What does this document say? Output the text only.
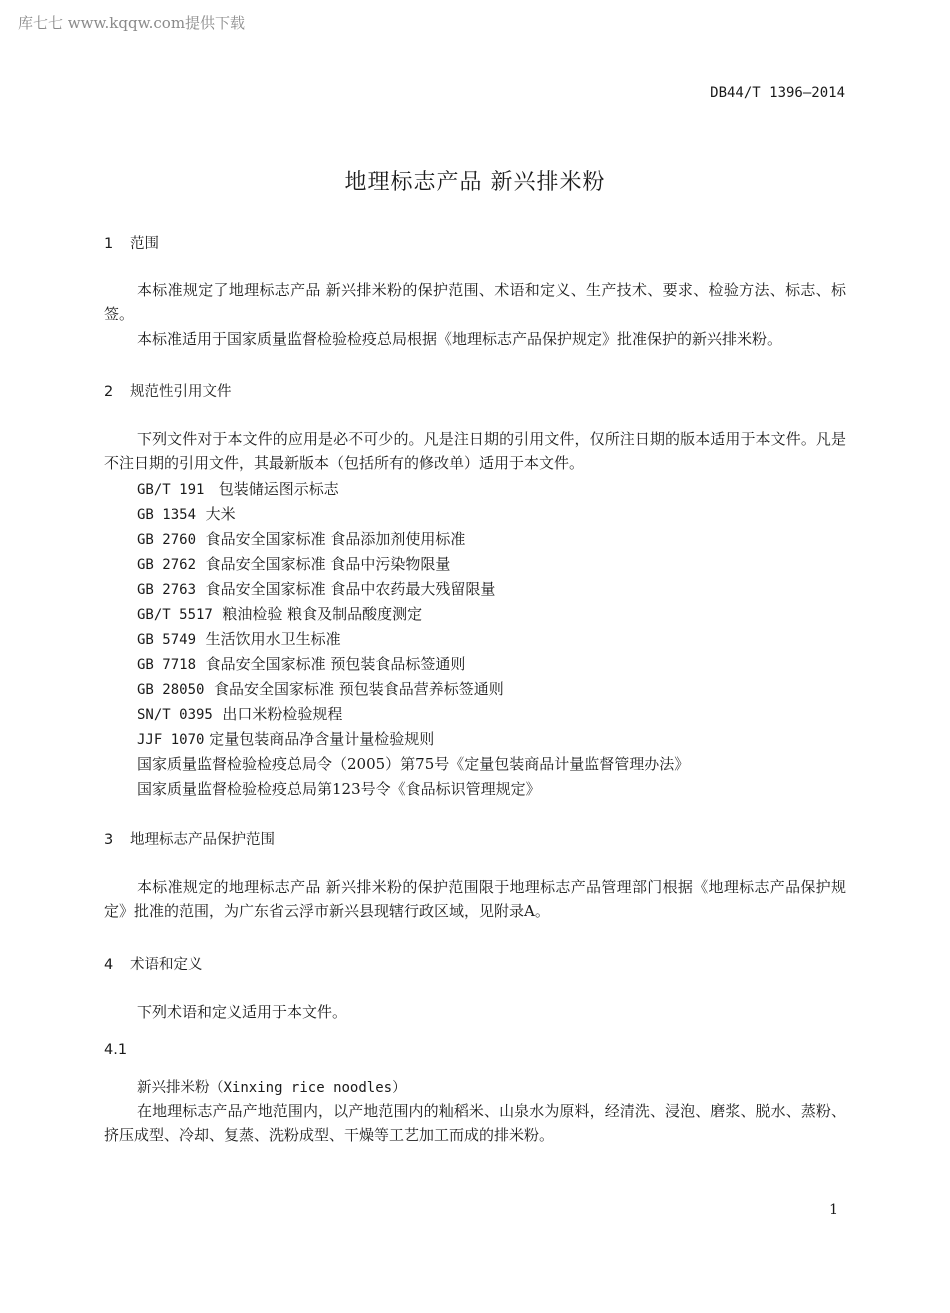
库七七 www.kqqw.com提供下载
DB44/T 1396—2014
地理标志产品 新兴排米粉
1 范围
本标准规定了地理标志产品 新兴排米粉的保护范围、术语和定义、生产技术、要求、检验方法、标志、标签。
本标准适用于国家质量监督检验检疫总局根据《地理标志产品保护规定》批准保护的新兴排米粉。
2 规范性引用文件
下列文件对于本文件的应用是必不可少的。凡是注日期的引用文件，仅所注日期的版本适用于本文件。凡是不注日期的引用文件，其最新版本（包括所有的修改单）适用于本文件。
GB/T 191 包装储运图示标志
GB 1354 大米
GB 2760 食品安全国家标准 食品添加剂使用标准
GB 2762 食品安全国家标准 食品中污染物限量
GB 2763 食品安全国家标准 食品中农药最大残留限量
GB/T 5517 粮油检验 粮食及制品酸度测定
GB 5749 生活饮用水卫生标准
GB 7718 食品安全国家标准 预包装食品标签通则
GB 28050 食品安全国家标准 预包装食品营养标签通则
SN/T 0395 出口米粉检验规程
JJF 1070 定量包装商品净含量计量检验规则
国家质量监督检验检疫总局令（2005）第75号《定量包装商品计量监督管理办法》
国家质量监督检验检疫总局第123号令《食品标识管理规定》
3 地理标志产品保护范围
本标准规定的地理标志产品 新兴排米粉的保护范围限于地理标志产品管理部门根据《地理标志产品保护规定》批准的范围，为广东省云浮市新兴县现辖行政区域，见附录A。
4 术语和定义
下列术语和定义适用于本文件。
4.1
新兴排米粉（Xinxing rice noodles）
在地理标志产品产地范围内，以产地范围内的籼稻米、山泉水为原料，经清洗、浸泡、磨浆、脱水、蒸粉、挤压成型、冷却、复蒸、洗粉成型、干燥等工艺加工而成的排米粉。
1
